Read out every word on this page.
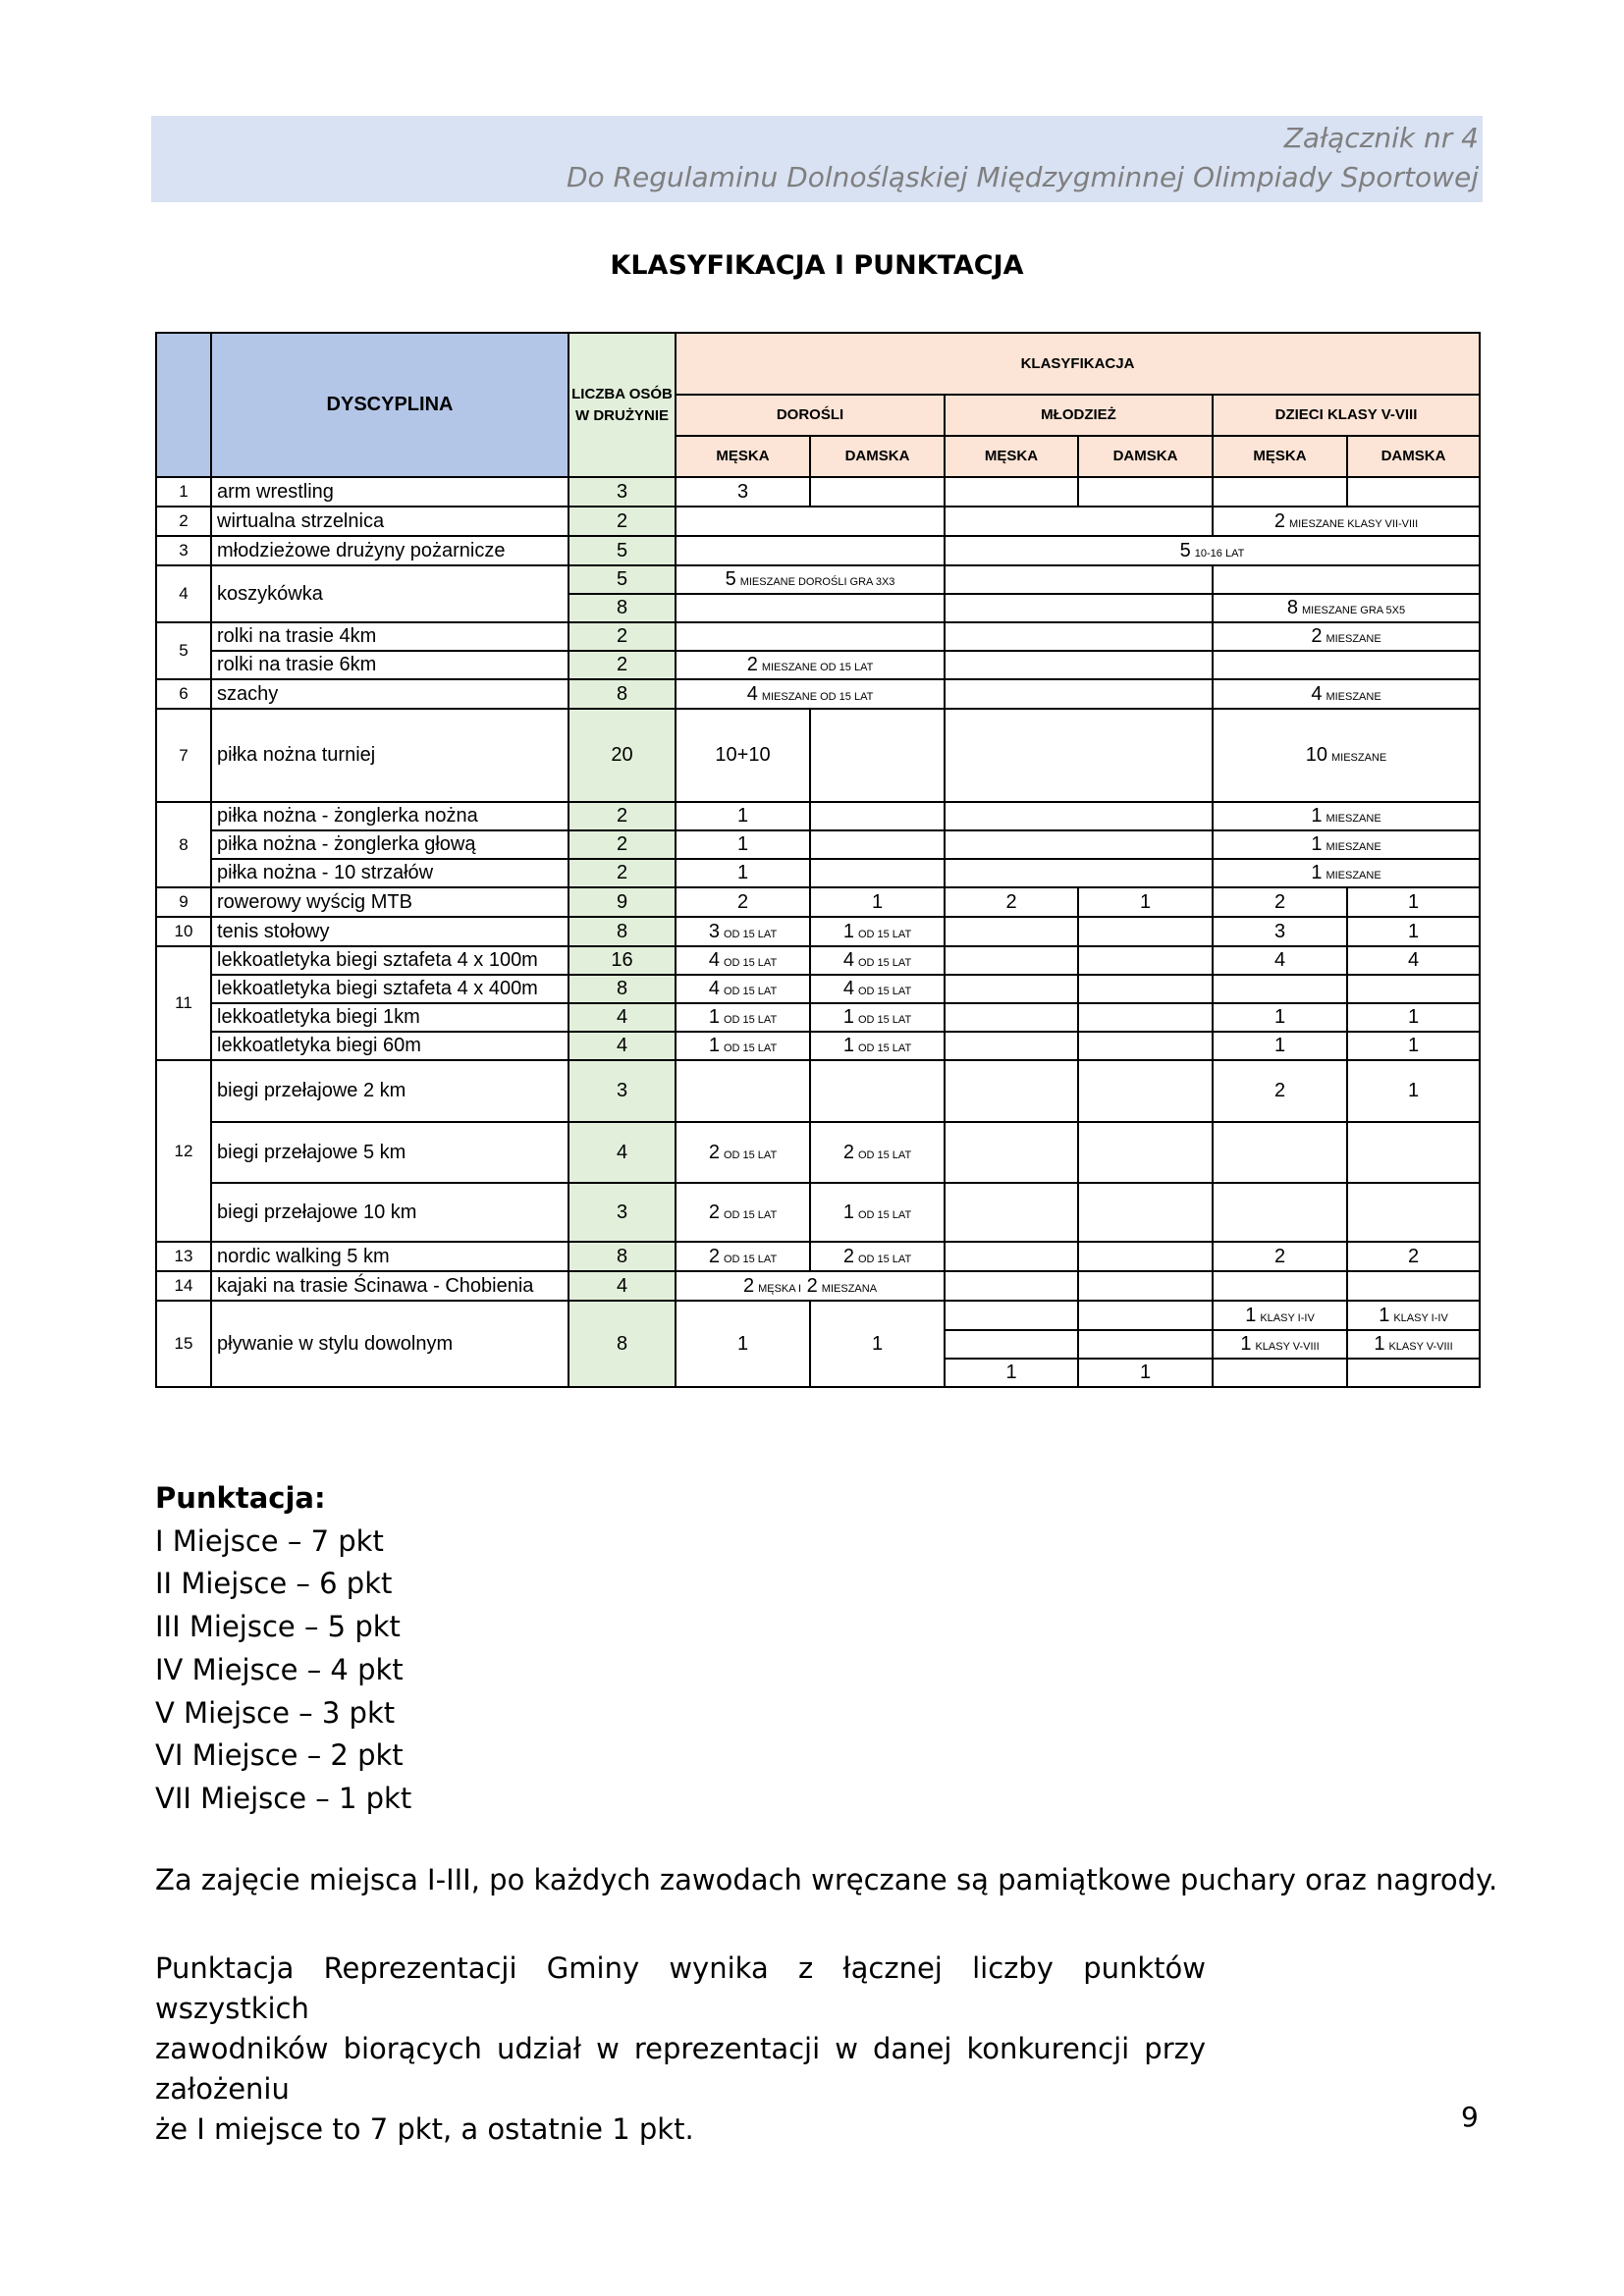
Załącznik nr 4
Do Regulaminu Dolnośląskiej Międzygminnej Olimpiady Sportowej
KLASYFIKACJA I PUNKTACJA
	DYSCYPLINA	LICZBA OSÓB
W DRUŻYNIE	KLASYFIKACJA					
			DOROŚLI		MŁODZIEŻ		DZIECI KLASY V-VIII	
			MĘSKA	DAMSKA	MĘSKA	DAMSKA	MĘSKA	DAMSKA
1	arm wrestling	3	3					
2	wirtualna strzelnica	2					2 MIESZANE KLASY VII-VIII	
3	młodzieżowe drużyny pożarnicze	5			5 10-16 LAT			
4	koszykówka	5	5 MIESZANE DOROŚLI GRA 3X3					
		8					8 MIESZANE GRA 5X5	
5	rolki na trasie 4km	2					2 MIESZANE	
	rolki na trasie 6km	2	2 MIESZANE OD 15 LAT					
6	szachy	8	4 MIESZANE OD 15 LAT				4 MIESZANE	
7	piłka nożna turniej	20	10+10				10 MIESZANE	
8	piłka nożna - żonglerka nożna	2	1				1 MIESZANE	
	piłka nożna - żonglerka głową	2	1				1 MIESZANE	
	piłka nożna - 10 strzałów	2	1				1 MIESZANE	
9	rowerowy wyścig MTB	9	2	1	2	1	2	1
10	tenis stołowy	8	3 OD 15 LAT	1 OD 15 LAT			3	1
11	lekkoatletyka biegi sztafeta 4 x 100m	16	4 OD 15 LAT	4 OD 15 LAT			4	4
	lekkoatletyka biegi sztafeta 4 x 400m	8	4 OD 15 LAT	4 OD 15 LAT				
	lekkoatletyka biegi 1km	4	1 OD 15 LAT	1 OD 15 LAT			1	1
	lekkoatletyka biegi 60m	4	1 OD 15 LAT	1 OD 15 LAT			1	1
12	biegi przełajowe 2 km	3					2	1
	biegi przełajowe 5 km	4	2 OD 15 LAT	2 OD 15 LAT				
	biegi przełajowe 10 km	3	2 OD 15 LAT	1 OD 15 LAT				
13	nordic walking 5 km	8	2 OD 15 LAT	2 OD 15 LAT			2	2
14	kajaki na trasie Ścinawa - Chobienia	4	2 MĘSKA I 2 MIESZANA					
15	pływanie w stylu dowolnym	8	1	1			1 KLASY I-IV	1 KLASY I-IV
							1 KLASY V-VIII	1 KLASY V-VIII
					1	1		
Punktacja:
I Miejsce – 7 pkt
II Miejsce – 6 pkt
III Miejsce – 5 pkt
IV Miejsce – 4 pkt
V Miejsce – 3 pkt
VI Miejsce – 2 pkt
VII Miejsce – 1 pkt
Za zajęcie miejsca I-III, po każdych zawodach wręczane są pamiątkowe puchary oraz nagrody.
Punktacja Reprezentacji Gminy wynika z łącznej liczby punktów wszystkich
zawodników biorących udział w reprezentacji w danej konkurencji przy założeniu
że I miejsce to 7 pkt, a ostatnie 1 pkt.	9
